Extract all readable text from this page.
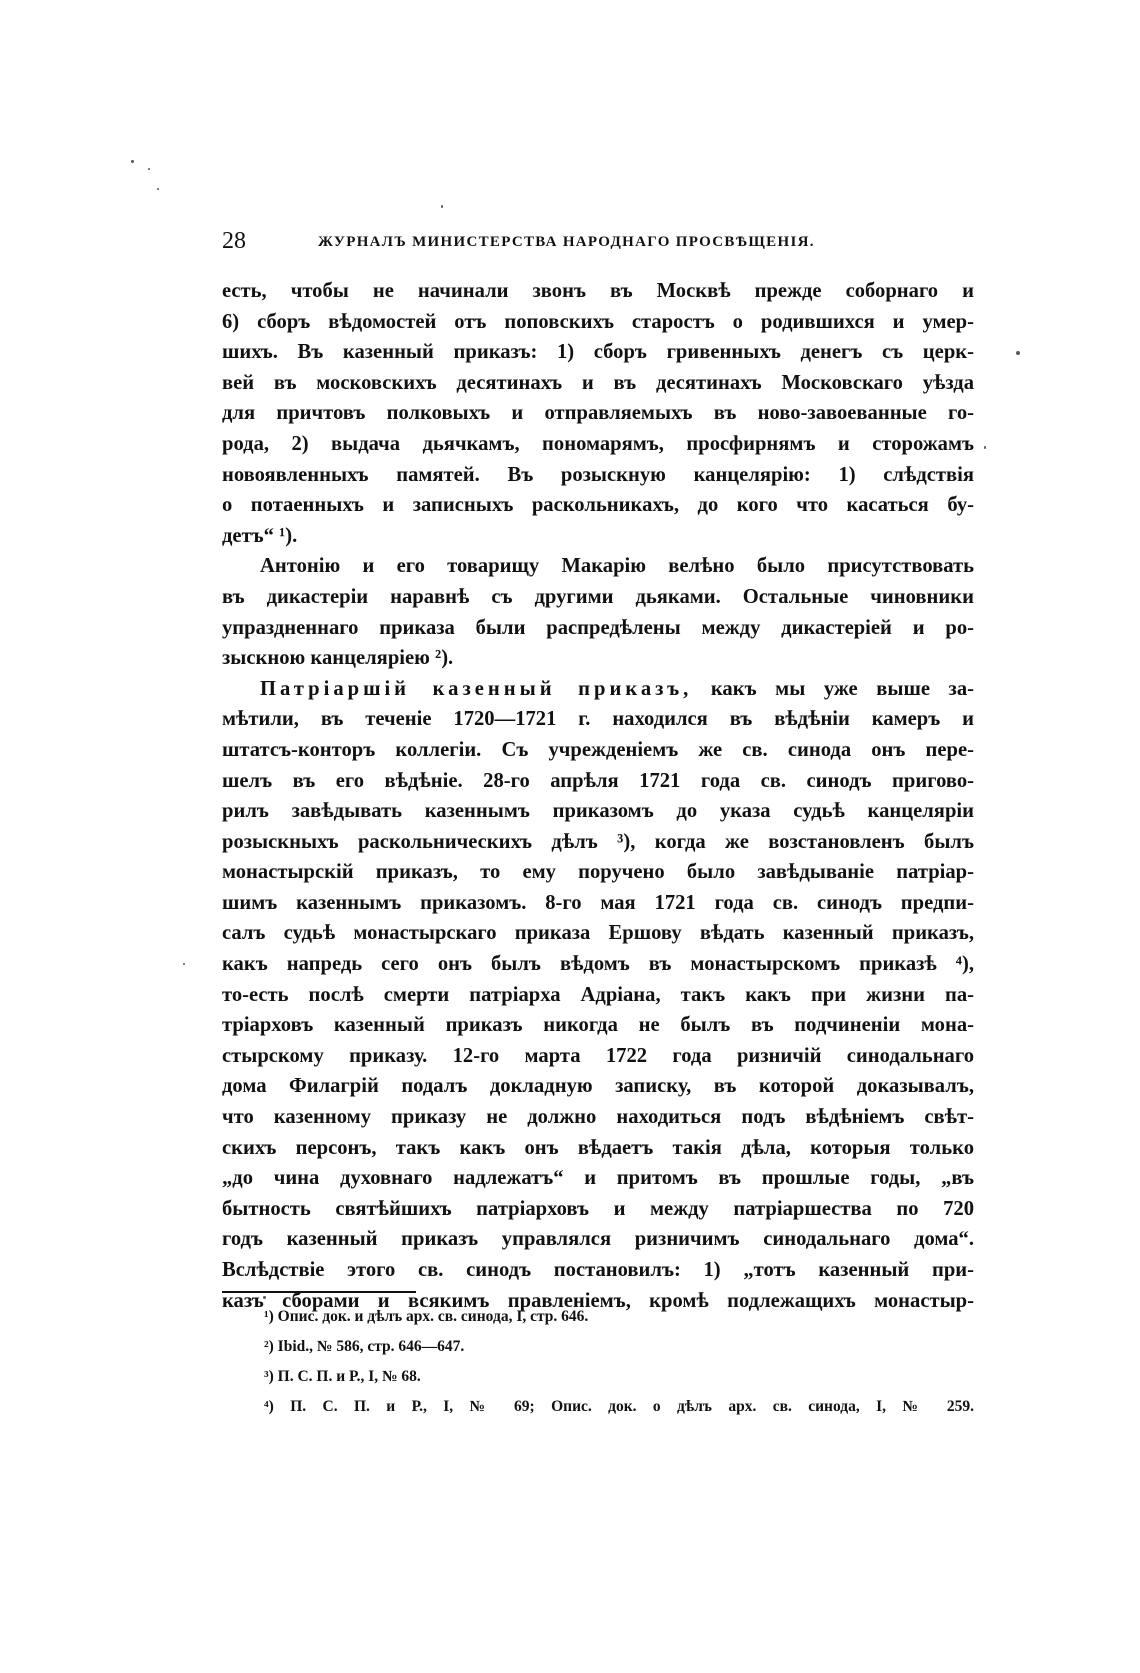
28	ЖУРНАЛЪ МИНИСТЕРСТВА НАРОДНАГО ПРОСВѢЩЕНІЯ.
есть, чтобы не начинали звонъ въ Москвѣ прежде соборнаго и
6) сборъ вѣдомостей отъ поповскихъ старостъ о родившихся и умер-
шихъ. Въ казенный приказъ: 1) сборъ гривенныхъ денегъ съ церк-
вей въ московскихъ десятинахъ и въ десятинахъ Московскаго уѣзда
для причтовъ полковыхъ и отправляемыхъ въ ново-завоеванные го-
рода, 2) выдача дьячкамъ, пономарямъ, просфирнямъ и сторожамъ
новоявленныхъ памятей. Въ розыскную канцелярію: 1) слѣдствія
о потаенныхъ и записныхъ раскольникахъ, до кого что касаться бу-
детъ“ ¹).
Антонію и его товарищу Макарію велѣно было присутствовать
въ дикастеріи наравнѣ съ другими дьяками. Остальные чиновники
упраздненнаго приказа были распредѣлены между дикастеріей и ро-
зыскною канцеляріею ²).
Патріаршій казенный приказъ, какъ мы уже выше за-
мѣтили, въ теченіе 1720—1721 г. находился въ вѣдѣніи камеръ и
штатсъ-конторъ коллегіи. Съ учрежденіемъ же св. синода онъ пере-
шелъ въ его вѣдѣніе. 28-го апрѣля 1721 года св. синодъ пригово-
рилъ завѣдывать казеннымъ приказомъ до указа судьѣ канцеляріи
розыскныхъ раскольническихъ дѣлъ ³), когда же возстановленъ былъ
монастырскій приказъ, то ему поручено было завѣдываніе патріар-
шимъ казеннымъ приказомъ. 8-го мая 1721 года св. синодъ предпи-
салъ судьѣ монастырскаго приказа Ершову вѣдать казенный приказъ,
какъ напредь сего онъ былъ вѣдомъ въ монастырскомъ приказѣ ⁴),
то-есть послѣ смерти патріарха Адріана, такъ какъ при жизни па-
тріарховъ казенный приказъ никогда не былъ въ подчиненіи мона-
стырскому приказу. 12-го марта 1722 года ризничій синодальнаго
дома Филагрій подалъ докладную записку, въ которой доказывалъ,
что казенному приказу не должно находиться подъ вѣдѣніемъ свѣт-
скихъ персонъ, такъ какъ онъ вѣдаетъ такія дѣла, которыя только
„до чина духовнаго надлежатъ“ и притомъ въ прошлые годы, „въ
бытность святѣйшихъ патріарховъ и между патріаршества по 720
годъ казенный приказъ управлялся ризничимъ синодальнаго дома“.
Вслѣдствіе этого св. синодъ постановилъ: 1) „тотъ казенный при-
казъ сборами и всякимъ правленіемъ, кромѣ подлежащихъ монастыр-
¹) Опис. док. и дѣлъ арх. св. синода, I, стр. 646.
²) Ibid., № 586, стр. 646—647.
³) П. С. П. и Р., I, № 68.
⁴) П. С. П. и Р., I, № 69; Опис. док. о дѣлъ арх. св. синода, I, № 259.
